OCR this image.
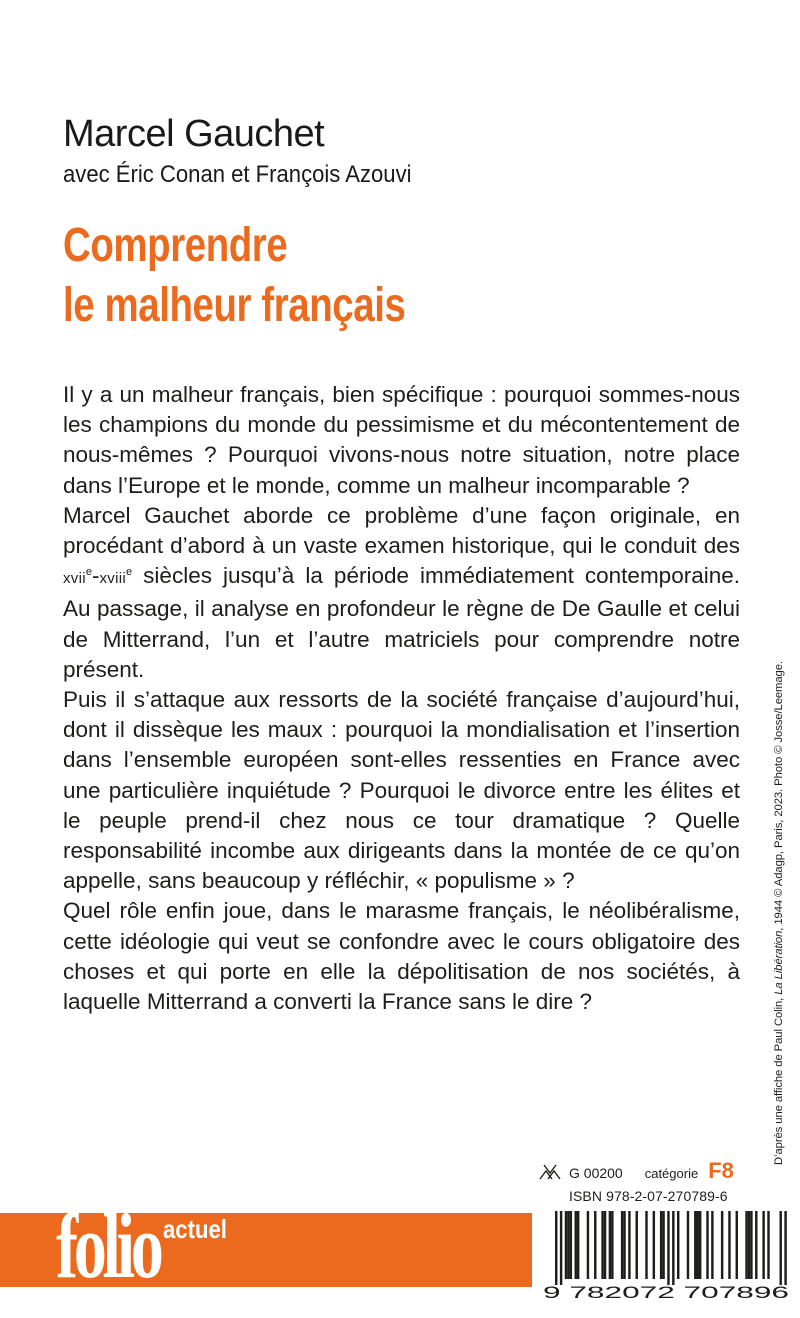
Marcel Gauchet
avec Éric Conan et François Azouvi
Comprendre
le malheur français

Il y a un malheur français, bien spécifique : pourquoi sommes-nous les champions du monde du pessimisme et du mécontentement de nous-mêmes ? Pourquoi vivons-nous notre situation, notre place dans l’Europe et le monde, comme un malheur incomparable ?

Marcel Gauchet aborde ce problème d’une façon originale, en procédant d’abord à un vaste examen historique, qui le conduit des xvii$^e$-xviii$^e$ siècles jusqu’à la période immédiatement contemporaine. Au passage, il analyse en profondeur le règne de De Gaulle et celui de Mitterrand, l’un et l’autre matriciels pour comprendre notre présent.

Puis il s’attaque aux ressorts de la société française d’aujourd’hui, dont il dissèque les maux : pourquoi la mondialisation et l’insertion dans l’ensemble européen sont-elles ressenties en France avec une particulière inquiétude ? Pourquoi le divorce entre les élites et le peuple prend-il chez nous ce tour dramatique ? Quelle responsabilité incombe aux dirigeants dans la montée de ce qu’on appelle, sans beaucoup y réfléchir, « populisme » ?

Quel rôle enfin joue, dans le marasme français, le néolibéralisme, cette idéologie qui veut se confondre avec le cours obligatoire des choses et qui porte en elle la dépolitisation de nos sociétés, à laquelle Mitterrand a converti la France sans le dire ?	D’après une affiche de Paul Colin, La Libération, 1944 © Adagp, Paris, 2023. Photo © Josse/Leemage.
G 00200 catégorie F8
ISBN 978-2-07-270789-6
folio actuel
9 782072 707896
